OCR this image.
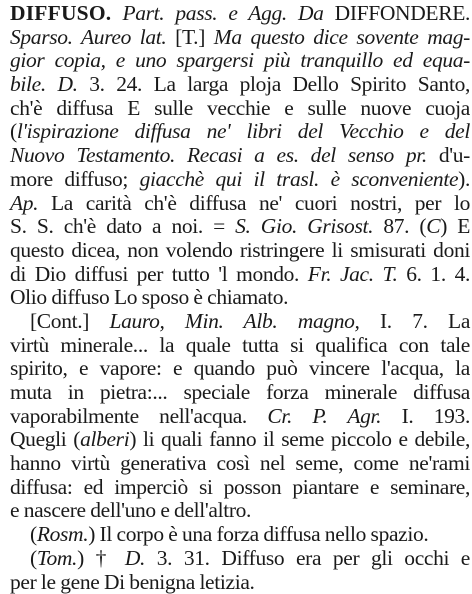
DIFFUSO. Part. pass. e Agg. Da DIFFONDERE.
Sparso. Aureo lat. [T.] Ma questo dice sovente mag-
gior copia, e uno spargersi più tranquillo ed equa-
bile. D. 3. 24. La larga ploja Dello Spirito Santo,
ch'è diffusa E sulle vecchie e sulle nuove cuoja
(l'ispirazione diffusa ne' libri del Vecchio e del
Nuovo Testamento. Recasi a es. del senso pr. d'u-
more diffuso; giacchè qui il trasl. è sconveniente).
Ap. La carità ch'è diffusa ne' cuori nostri, per lo
S. S. ch'è dato a noi. = S. Gio. Grisost. 87. (C) E
questo dicea, non volendo ristringere li smisurati doni
di Dio diffusi per tutto 'l mondo. Fr. Jac. T. 6. 1. 4.
Olio diffuso Lo sposo è chiamato.
[Cont.] Lauro, Min. Alb. magno, I. 7. La
virtù minerale... la quale tutta si qualifica con tale
spirito, e vapore: e quando può vincere l'acqua, la
muta in pietra:... speciale forza minerale diffusa
vaporabilmente nell'acqua. Cr. P. Agr. I. 193.
Quegli (alberi) li quali fanno il seme piccolo e debile,
hanno virtù generativa così nel seme, come ne'rami
diffusa: ed imperciò si posson piantare e seminare,
e nascere dell'uno e dell'altro.
(Rosm.) Il corpo è una forza diffusa nello spazio.
(Tom.) † D. 3. 31. Diffuso era per gli occhi e
per le gene Di benigna letizia.
